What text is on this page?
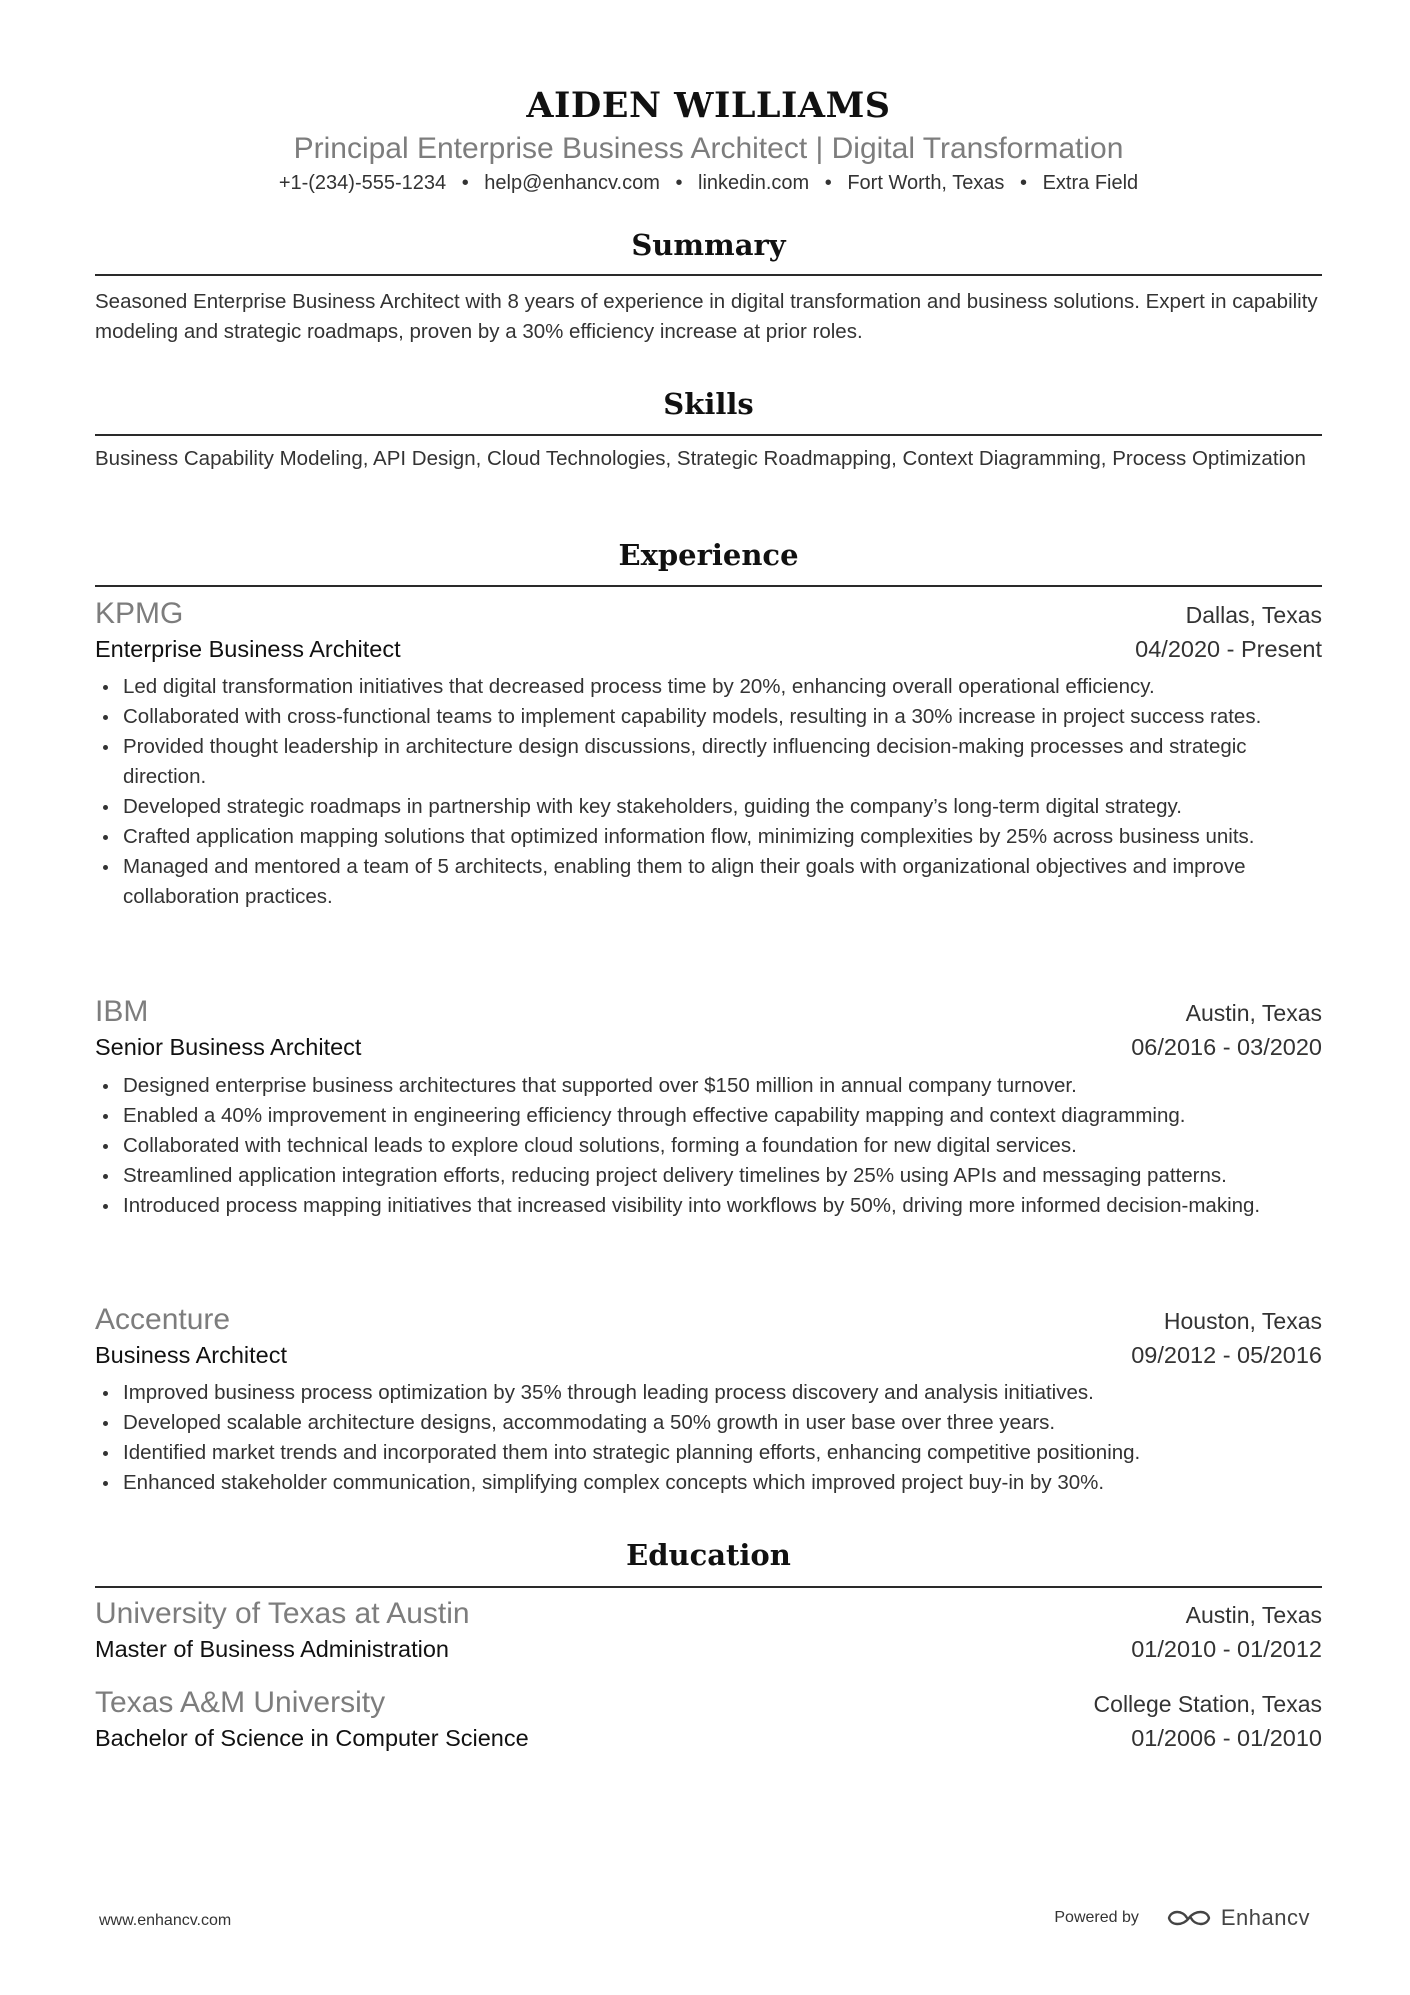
AIDEN WILLIAMS
Principal Enterprise Business Architect | Digital Transformation
+1-(234)-555-1234 • help@enhancv.com • linkedin.com • Fort Worth, Texas • Extra Field
Summary
Seasoned Enterprise Business Architect with 8 years of experience in digital transformation and business solutions. Expert in capability modeling and strategic roadmaps, proven by a 30% efficiency increase at prior roles.
Skills
Business Capability Modeling, API Design, Cloud Technologies, Strategic Roadmapping, Context Diagramming, Process Optimization
Experience
KPMG	Dallas, Texas
Enterprise Business Architect	04/2020 - Present
Led digital transformation initiatives that decreased process time by 20%, enhancing overall operational efficiency.
Collaborated with cross-functional teams to implement capability models, resulting in a 30% increase in project success rates.
Provided thought leadership in architecture design discussions, directly influencing decision-making processes and strategic direction.
Developed strategic roadmaps in partnership with key stakeholders, guiding the company’s long-term digital strategy.
Crafted application mapping solutions that optimized information flow, minimizing complexities by 25% across business units.
Managed and mentored a team of 5 architects, enabling them to align their goals with organizational objectives and improve collaboration practices.
IBM	Austin, Texas
Senior Business Architect	06/2016 - 03/2020
Designed enterprise business architectures that supported over $150 million in annual company turnover.
Enabled a 40% improvement in engineering efficiency through effective capability mapping and context diagramming.
Collaborated with technical leads to explore cloud solutions, forming a foundation for new digital services.
Streamlined application integration efforts, reducing project delivery timelines by 25% using APIs and messaging patterns.
Introduced process mapping initiatives that increased visibility into workflows by 50%, driving more informed decision-making.
Accenture	Houston, Texas
Business Architect	09/2012 - 05/2016
Improved business process optimization by 35% through leading process discovery and analysis initiatives.
Developed scalable architecture designs, accommodating a 50% growth in user base over three years.
Identified market trends and incorporated them into strategic planning efforts, enhancing competitive positioning.
Enhanced stakeholder communication, simplifying complex concepts which improved project buy-in by 30%.
Education
University of Texas at Austin	Austin, Texas
Master of Business Administration	01/2010 - 01/2012
Texas A&M University	College Station, Texas
Bachelor of Science in Computer Science	01/2006 - 01/2010
www.enhancv.com	Powered by	Enhancv
